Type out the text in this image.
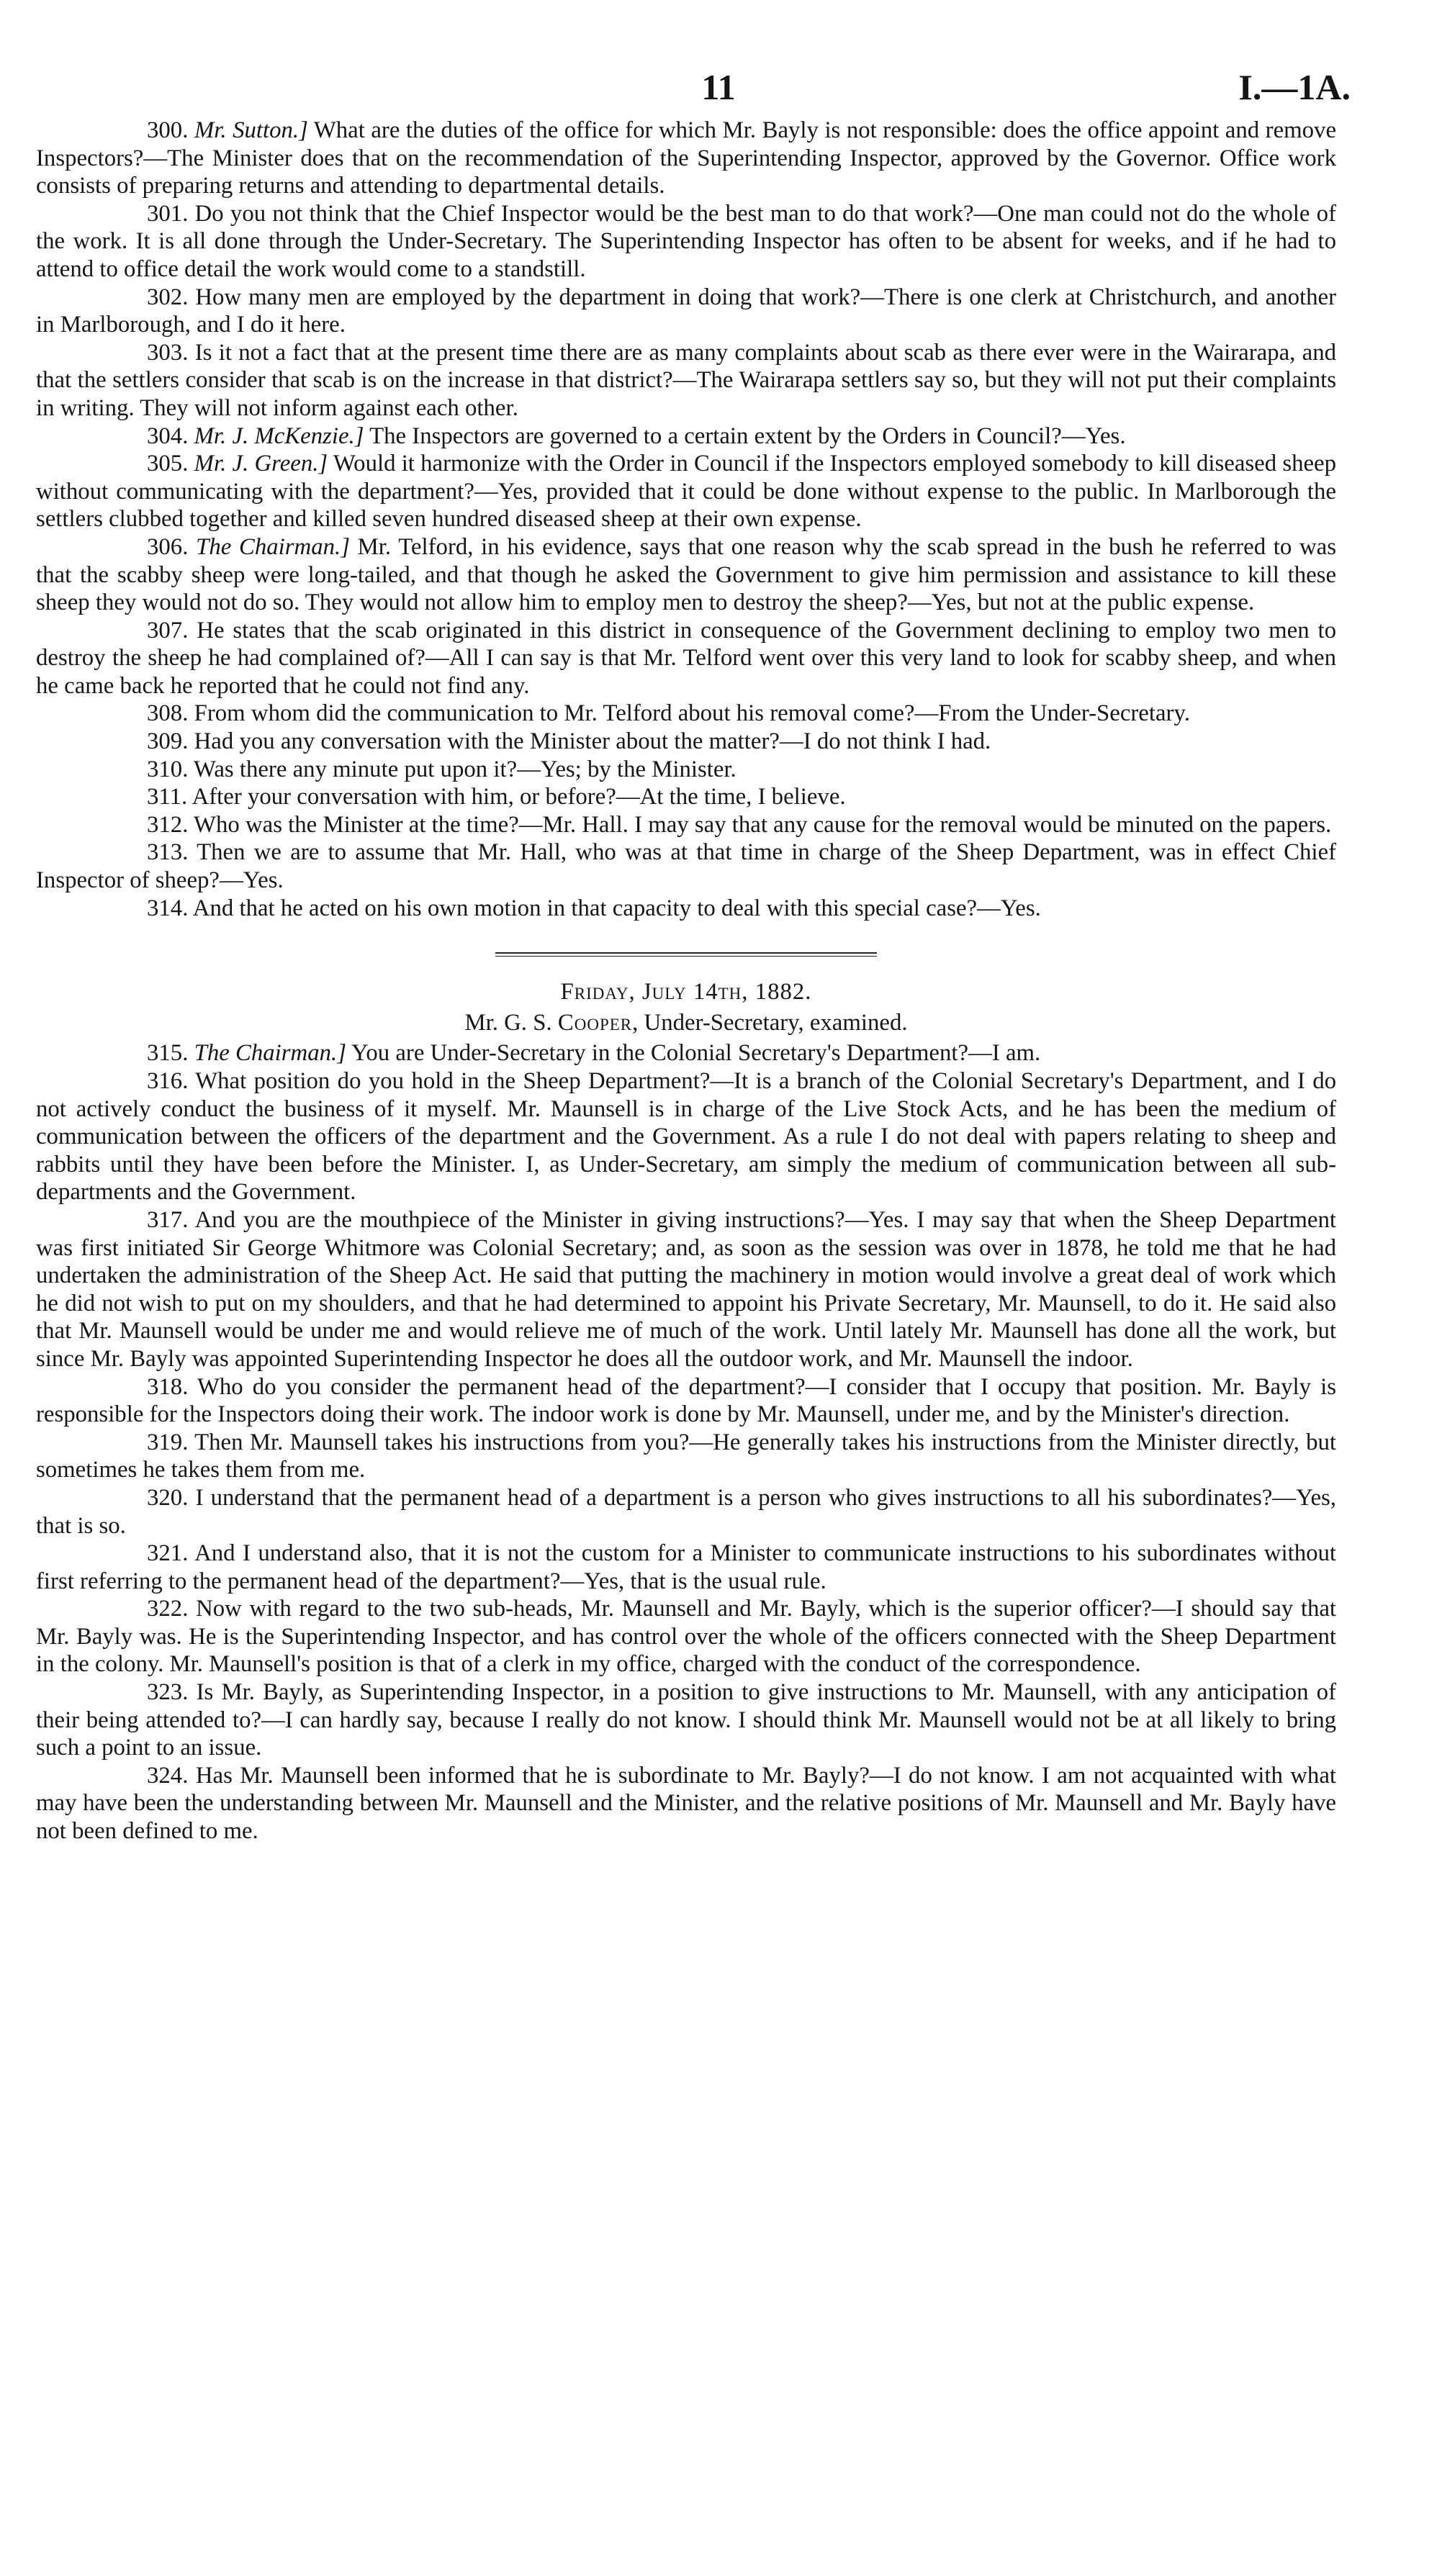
11	I.—1A.

300. Mr. Sutton.] What are the duties of the office for which Mr. Bayly is not responsible: does the office appoint and remove Inspectors?—The Minister does that on the recommendation of the Superintending Inspector, approved by the Governor. Office work consists of preparing returns and attending to departmental details.

301. Do you not think that the Chief Inspector would be the best man to do that work?—One man could not do the whole of the work. It is all done through the Under-Secretary. The Superintending Inspector has often to be absent for weeks, and if he had to attend to office detail the work would come to a standstill.

302. How many men are employed by the department in doing that work?—There is one clerk at Christchurch, and another in Marlborough, and I do it here.

303. Is it not a fact that at the present time there are as many complaints about scab as there ever were in the Wairarapa, and that the settlers consider that scab is on the increase in that district?—The Wairarapa settlers say so, but they will not put their complaints in writing. They will not inform against each other.

304. Mr. J. McKenzie.] The Inspectors are governed to a certain extent by the Orders in Council?—Yes.

305. Mr. J. Green.] Would it harmonize with the Order in Council if the Inspectors employed somebody to kill diseased sheep without communicating with the department?—Yes, provided that it could be done without expense to the public. In Marlborough the settlers clubbed together and killed seven hundred diseased sheep at their own expense.

306. The Chairman.] Mr. Telford, in his evidence, says that one reason why the scab spread in the bush he referred to was that the scabby sheep were long-tailed, and that though he asked the Government to give him permission and assistance to kill these sheep they would not do so. They would not allow him to employ men to destroy the sheep?—Yes, but not at the public expense.

307. He states that the scab originated in this district in consequence of the Government declining to employ two men to destroy the sheep he had complained of?—All I can say is that Mr. Telford went over this very land to look for scabby sheep, and when he came back he reported that he could not find any.

308. From whom did the communication to Mr. Telford about his removal come?—From the Under-Secretary.

309. Had you any conversation with the Minister about the matter?—I do not think I had.

310. Was there any minute put upon it?—Yes; by the Minister.

311. After your conversation with him, or before?—At the time, I believe.

312. Who was the Minister at the time?—Mr. Hall. I may say that any cause for the removal would be minuted on the papers.

313. Then we are to assume that Mr. Hall, who was at that time in charge of the Sheep Department, was in effect Chief Inspector of sheep?—Yes.

314. And that he acted on his own motion in that capacity to deal with this special case?—Yes.

Friday, July 14th, 1882.

Mr. G. S. Cooper, Under-Secretary, examined.

315. The Chairman.] You are Under-Secretary in the Colonial Secretary's Department?—I am.

316. What position do you hold in the Sheep Department?—It is a branch of the Colonial Secretary's Department, and I do not actively conduct the business of it myself. Mr. Maunsell is in charge of the Live Stock Acts, and he has been the medium of communication between the officers of the department and the Government. As a rule I do not deal with papers relating to sheep and rabbits until they have been before the Minister. I, as Under-Secretary, am simply the medium of communication between all sub-departments and the Government.

317. And you are the mouthpiece of the Minister in giving instructions?—Yes. I may say that when the Sheep Department was first initiated Sir George Whitmore was Colonial Secretary; and, as soon as the session was over in 1878, he told me that he had undertaken the administration of the Sheep Act. He said that putting the machinery in motion would involve a great deal of work which he did not wish to put on my shoulders, and that he had determined to appoint his Private Secretary, Mr. Maunsell, to do it. He said also that Mr. Maunsell would be under me and would relieve me of much of the work. Until lately Mr. Maunsell has done all the work, but since Mr. Bayly was appointed Superintending Inspector he does all the outdoor work, and Mr. Maunsell the indoor.

318. Who do you consider the permanent head of the department?—I consider that I occupy that position. Mr. Bayly is responsible for the Inspectors doing their work. The indoor work is done by Mr. Maunsell, under me, and by the Minister's direction.

319. Then Mr. Maunsell takes his instructions from you?—He generally takes his instructions from the Minister directly, but sometimes he takes them from me.

320. I understand that the permanent head of a department is a person who gives instructions to all his subordinates?—Yes, that is so.

321. And I understand also, that it is not the custom for a Minister to communicate instructions to his subordinates without first referring to the permanent head of the department?—Yes, that is the usual rule.

322. Now with regard to the two sub-heads, Mr. Maunsell and Mr. Bayly, which is the superior officer?—I should say that Mr. Bayly was. He is the Superintending Inspector, and has control over the whole of the officers connected with the Sheep Department in the colony. Mr. Maunsell's position is that of a clerk in my office, charged with the conduct of the correspondence.

323. Is Mr. Bayly, as Superintending Inspector, in a position to give instructions to Mr. Maunsell, with any anticipation of their being attended to?—I can hardly say, because I really do not know. I should think Mr. Maunsell would not be at all likely to bring such a point to an issue.

324. Has Mr. Maunsell been informed that he is subordinate to Mr. Bayly?—I do not know. I am not acquainted with what may have been the understanding between Mr. Maunsell and the Minister, and the relative positions of Mr. Maunsell and Mr. Bayly have not been defined to me.
